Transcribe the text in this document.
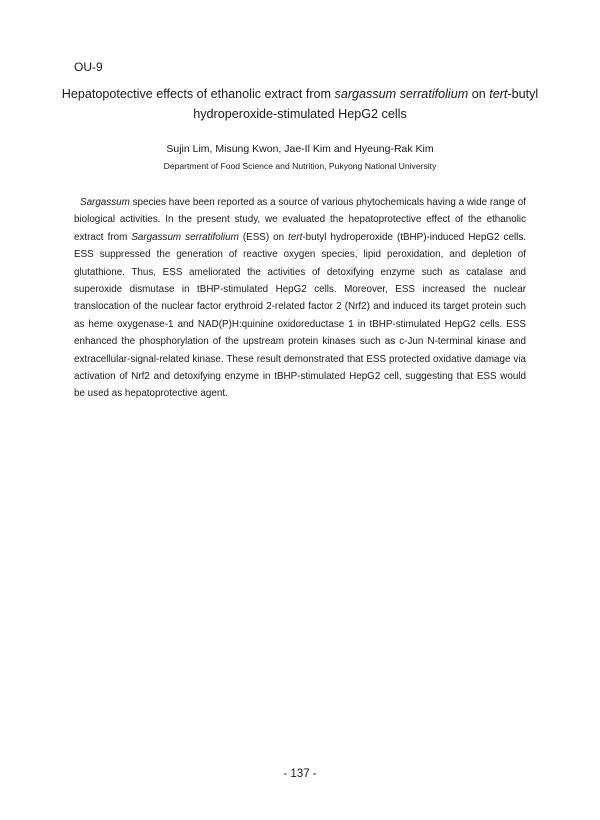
OU-9
Hepatopotective effects of ethanolic extract from sargassum serratifolium on tert-butyl hydroperoxide-stimulated HepG2 cells
Sujin Lim, Misung Kwon, Jae-Il Kim and Hyeung-Rak Kim
Department of Food Science and Nutrition, Pukyong National University

Sargassum species have been reported as a source of various phytochemicals having a wide range of biological activities. In the present study, we evaluated the hepatoprotective effect of the ethanolic extract from Sargassum serratifolium (ESS) on tert-butyl hydroperoxide (tBHP)-induced HepG2 cells. ESS suppressed the generation of reactive oxygen species, lipid peroxidation, and depletion of glutathione. Thus, ESS ameliorated the activities of detoxifying enzyme such as catalase and superoxide dismutase in tBHP-stimulated HepG2 cells. Moreover, ESS increased the nuclear translocation of the nuclear factor erythroid 2-related factor 2 (Nrf2) and induced its target protein such as heme oxygenase-1 and NAD(P)H:quinine oxidoreductase 1 in tBHP-stimulated HepG2 cells. ESS enhanced the phosphorylation of the upstream protein kinases such as c-Jun N-terminal kinase and extracellular-signal-related kinase. These result demonstrated that ESS protected oxidative damage via activation of Nrf2 and detoxifying enzyme in tBHP-stimulated HepG2 cell, suggesting that ESS would be used as hepatoprotective agent.

- 137 -
